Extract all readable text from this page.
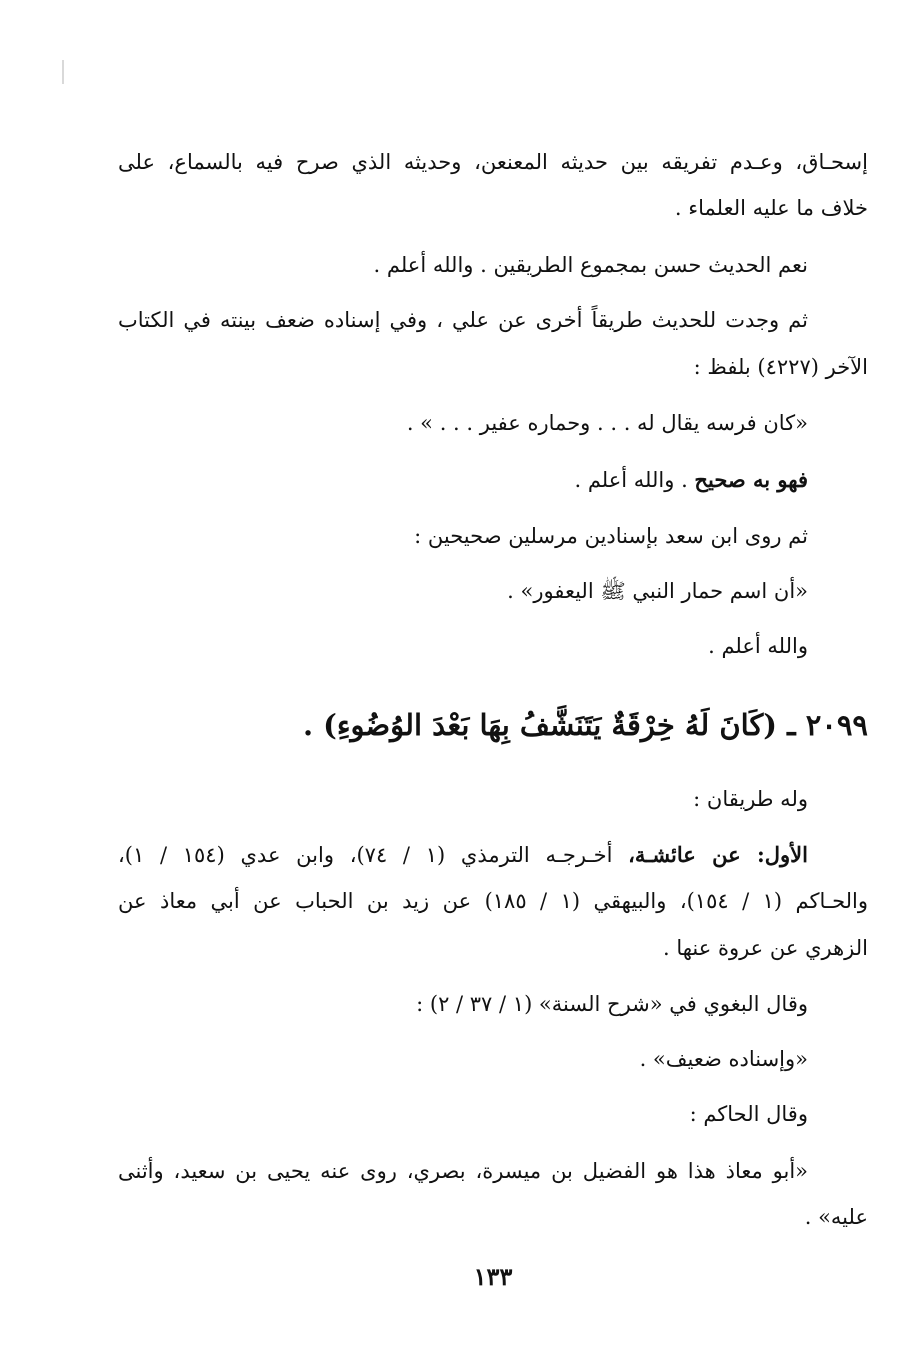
إسحـاق، وعـدم تفريقه بين حديثه المعنعن، وحديثه الذي صرح فيه بالسماع، على
خلاف ما عليه العلماء .
نعم الحديث حسن بمجموع الطريقين . والله أعلم .
ثم وجدت للحديث طريقاً أخرى عن علي ، وفي إسناده ضعف بينته في الكتاب
الآخر (٤٢٢٧) بلفظ :
«كان فرسه يقال له . . . وحماره عفير . . . » .
فهو به صحيح . والله أعلم .
ثم روى ابن سعد بإسنادين مرسلين صحيحين :
«أن اسم حمار النبي ﷺ اليعفور» .
والله أعلم .
٢٠٩٩ ـ (كَانَ لَهُ خِرْقَةٌ يَتَنَشَّفُ بِهَا بَعْدَ الوُضُوءِ) .
وله طريقان :
الأول: عن عائشـة، أخـرجـه الترمذي (١ / ٧٤)، وابن عدي (١٥٤ / ١)،
والحـاكم (١ / ١٥٤)، والبيهقي (١ / ١٨٥) عن زيد بن الحباب عن أبي معاذ عن
الزهري عن عروة عنها .
وقال البغوي في «شرح السنة» (١ / ٣٧ / ٢) :
«وإسناده ضعيف» .
وقال الحاكم :
«أبو معاذ هذا هو الفضيل بن ميسرة، بصري، روى عنه يحيى بن سعيد، وأثنى
عليه» .
١٣٣
